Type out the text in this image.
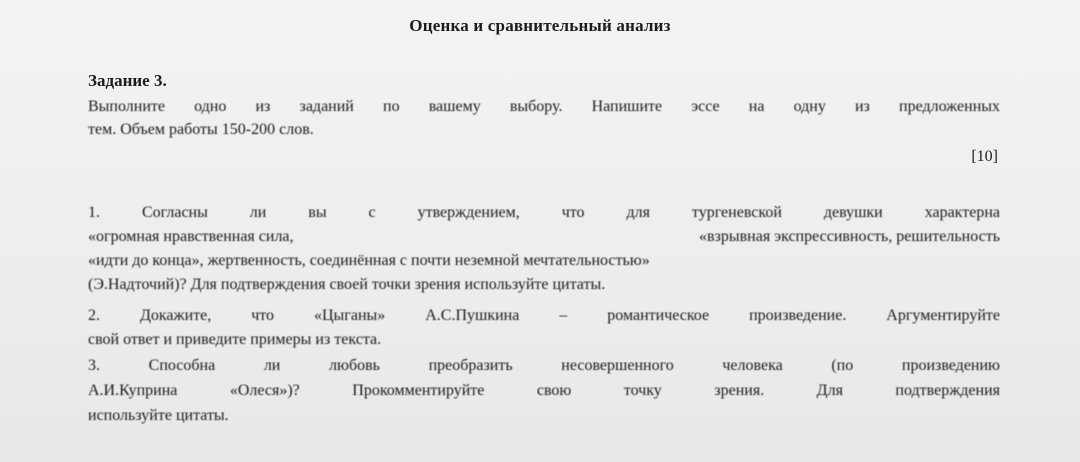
Оценка и сравнительный анализ
Задание 3.
Выполните одно из заданий по вашему выбору. Напишите эссе на одну из предложенных
тем. Объем работы 150-200 слов.
[10]
1. Согласны ли вы с утверждением, что для тургеневской девушки характерна
«огромная нравственная сила,	«взрывная экспрессивность, решительность
«идти до конца», жертвенность, соединённая с почти неземной мечтательностью»
(Э.Надточий)? Для подтверждения своей точки зрения используйте цитаты.
2. Докажите, что «Цыганы» А.С.Пушкина – романтическое произведение. Аргументируйте
свой ответ и приведите примеры из текста.
3. Способна ли любовь преобразить несовершенного человека (по произведению
А.И.Куприна «Олеся»)? Прокомментируйте свою точку зрения. Для подтверждения
используйте цитаты.
